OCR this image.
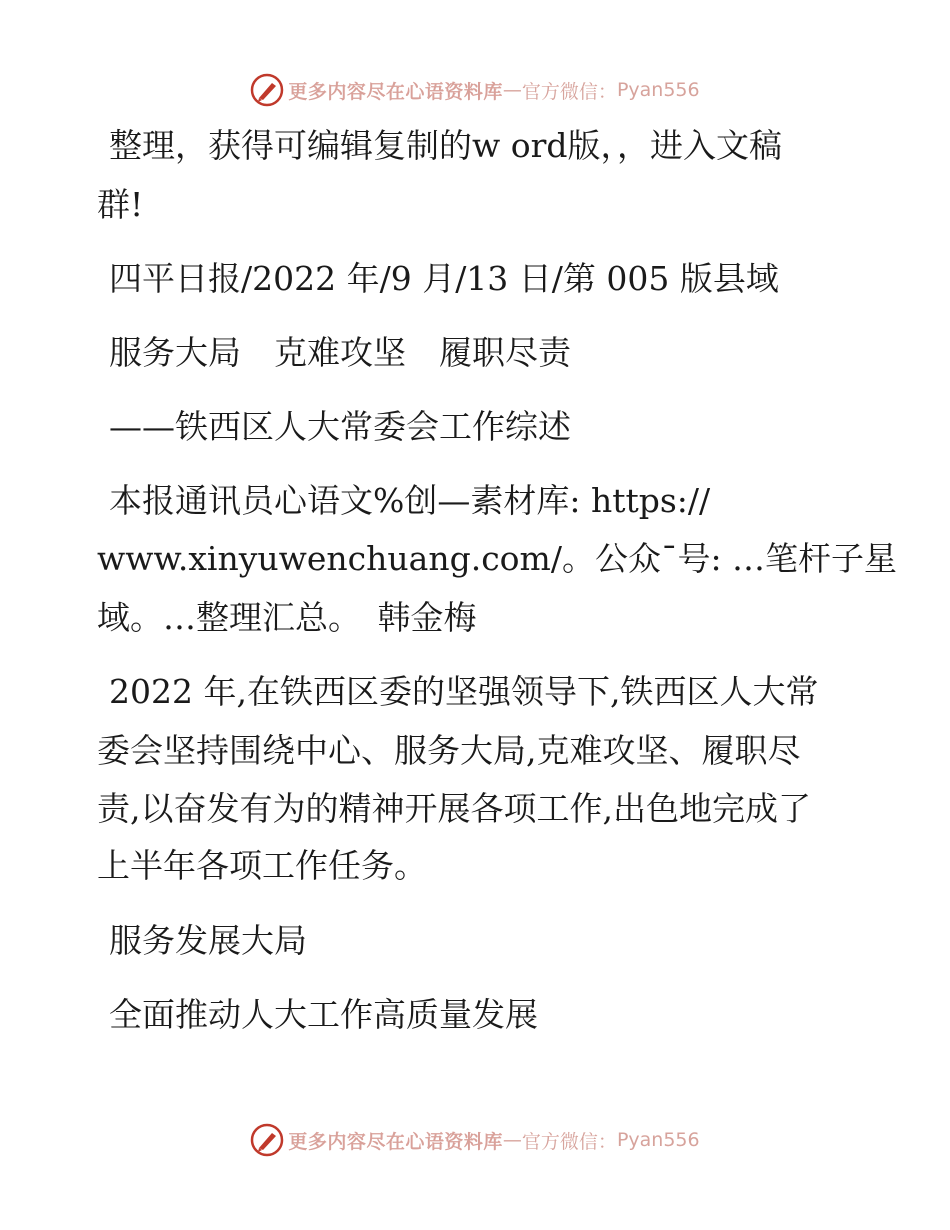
更多内容尽在心语资料库 — 官方微信： Pyan556
整理，获得可编辑复制的w ord版，，进入文稿
群!
四平日报/2022 年/9 月/13 日/第 005 版县域
服务大局　克难攻坚　履职尽责
——铁西区人大常委会工作综述
本报通讯员心语文%创—素材库: https://
www.xinyuwenchuang.com/。公众¯号: …笔杆子星
域。…整理汇总。　韩金梅
2022 年,在铁西区委的坚强领导下,铁西区人大常
委会坚持围绕中心、服务大局,克难攻坚、履职尽
责,以奋发有为的精神开展各项工作,出色地完成了
上半年各项工作任务。
服务发展大局
全面推动人大工作高质量发展
更多内容尽在心语资料库 — 官方微信： Pyan556
